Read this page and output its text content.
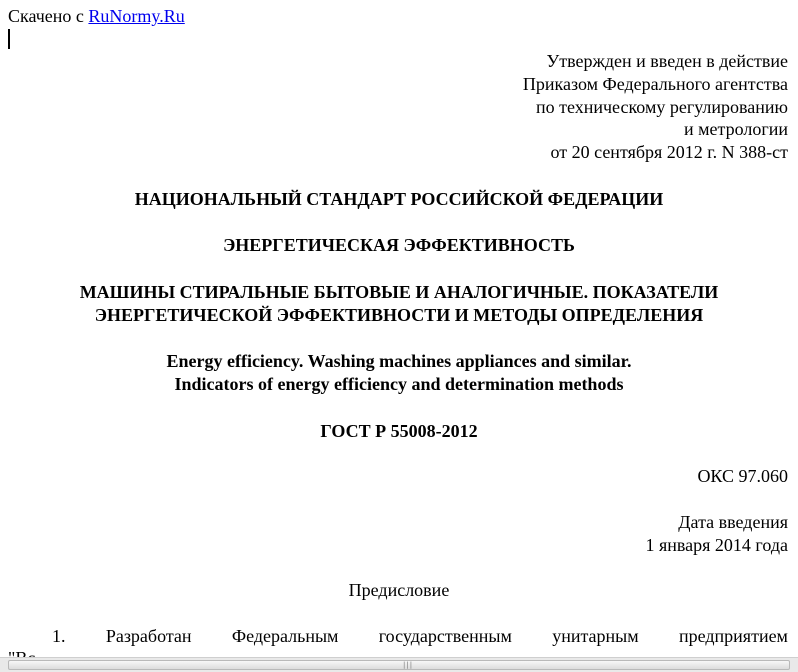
Скачено с RuNormy.Ru
Утвержден и введен в действие
Приказом Федерального агентства
по техническому регулированию
и метрологии
от 20 сентября 2012 г. N 388-ст
НАЦИОНАЛЬНЫЙ СТАНДАРТ РОССИЙСКОЙ ФЕДЕРАЦИИ
ЭНЕРГЕТИЧЕСКАЯ ЭФФЕКТИВНОСТЬ
МАШИНЫ СТИРАЛЬНЫЕ БЫТОВЫЕ И АНАЛОГИЧНЫЕ. ПОКАЗАТЕЛИ
ЭНЕРГЕТИЧЕСКОЙ ЭФФЕКТИВНОСТИ И МЕТОДЫ ОПРЕДЕЛЕНИЯ
Energy efficiency. Washing machines appliances and similar.
Indicators of energy efficiency and determination methods
ГОСТ Р 55008-2012
ОКС 97.060
Дата введения
1 января 2014 года
Предисловие
1. Разработан Федеральным государственным унитарным предприятием
|||
